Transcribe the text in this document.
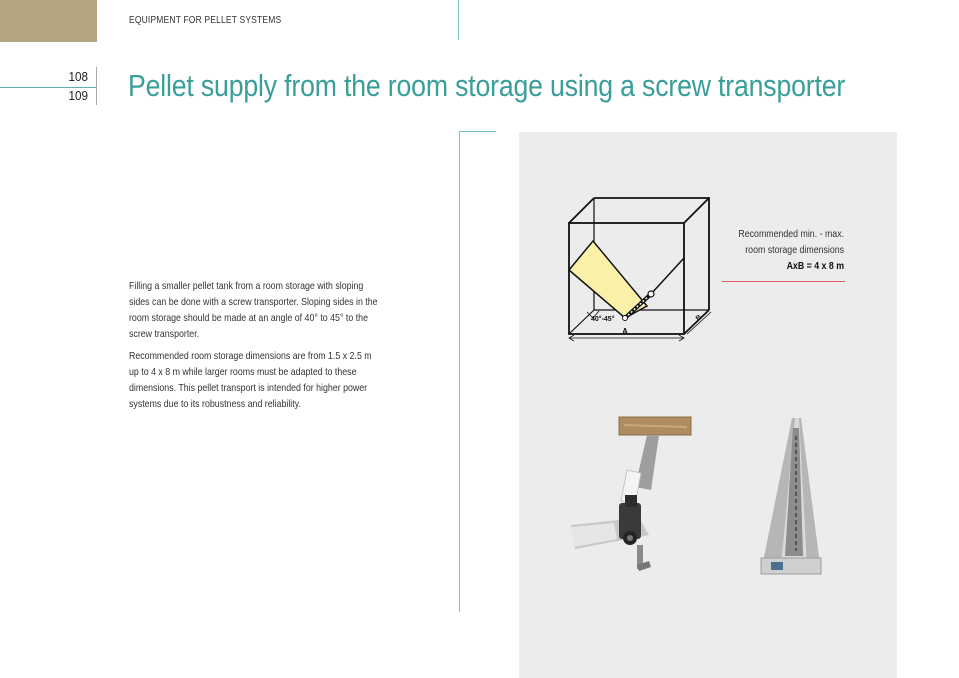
EQUIPMENT FOR PELLET SYSTEMS
108
109 Pellet supply from the room storage using a screw transporter

Filling a smaller pellet tank from a room storage with sloping sides can be done with a screw transporter. Sloping sides in the room storage should be made at an angle of 40° to 45° to the screw transporter.

Recommended room storage dimensions are from 1.5 x 2.5 m up to 4 x 8 m while larger rooms must be adapted to these dimensions. This pellet transport is intended for higher power systems due to its robustness and reliability.

40°-45°
A
B
Recommended min. - max.
room storage dimensions
AxB = 4 x 8 m
